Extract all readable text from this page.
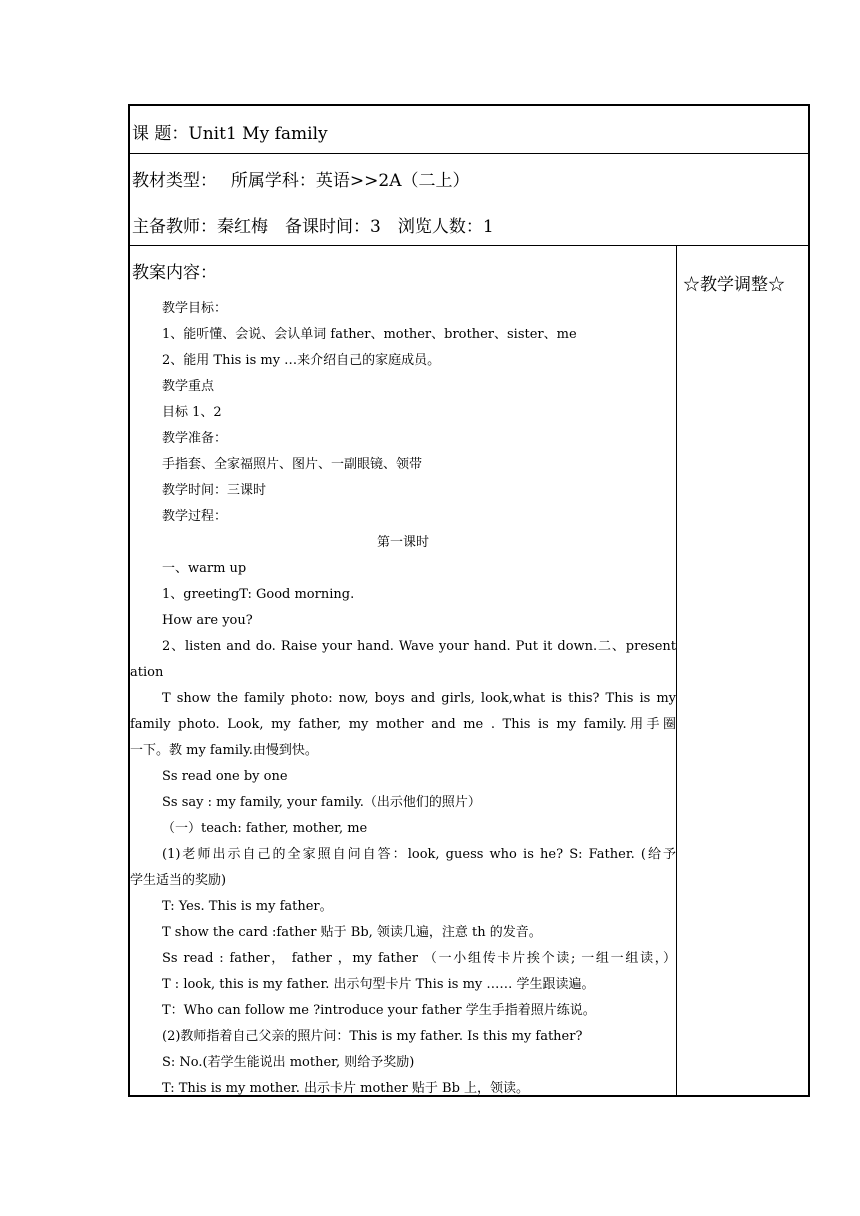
课 题：Unit1 My family
教材类型：　 所属学科：英语>>2A（二上）
主备教师：秦红梅　备课时间：3　浏览人数：1
教案内容：
☆教学调整☆
教学目标：
1、能听懂、会说、会认单词 father、mother、brother、sister、me
2、能用 This is my …来介绍自己的家庭成员。
教学重点
目标 1、2
教学准备：
手指套、全家福照片、图片、一副眼镜、领带
教学时间：三课时
教学过程：
第一课时
一、warm up
1、greetingT: Good morning.
How are you?
2、listen and do. Raise your hand. Wave your hand. Put it down.二、present
ation
T show the family photo: now, boys and girls, look,what is this? This is my
family photo. Look, my father, my mother and me . This is my family.用手圈
一下。教 my family.由慢到快。
Ss read one by one
Ss say : my family, your family.（出示他们的照片）
（一）teach: father, mother, me
(1)老师出示自己的全家照自问自答：look, guess who is he? S: Father. (给予
学生适当的奖励)
T: Yes. This is my father。
T show the card :father 贴于 Bb, 领读几遍，注意 th 的发音。
Ss read : father， father ，my father （一小组传卡片挨个读; 一组一组读，）
T : look, this is my father. 出示句型卡片 This is my …… 学生跟读遍。
T：Who can follow me ?introduce your father 学生手指着照片练说。
(2)教师指着自己父亲的照片问：This is my father. Is this my father?
S: No.(若学生能说出 mother, 则给予奖励)
T: This is my mother. 出示卡片 mother 贴于 Bb 上，领读。
